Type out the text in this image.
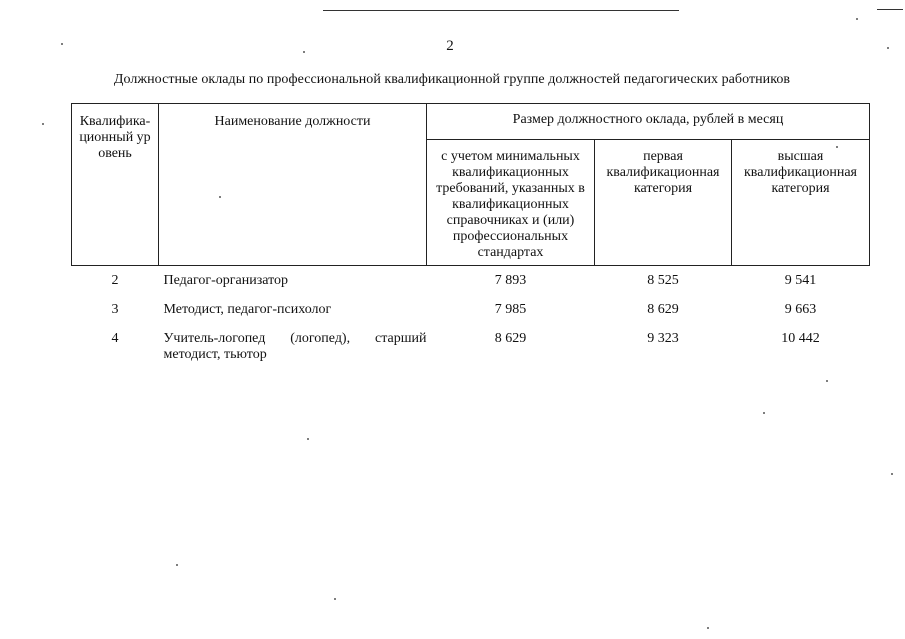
2
Должностные оклады по профессиональной квалификационной группе должностей педагогических работников
Квалифика-ционный уровень	Наименование должности	Размер должностного оклада, рублей в месяц		

		с учетом минимальных квалификационных требований, указанных в квалификационных справочниках и (или) профессиональных стандартах	первая квалификационная категория	высшая квалификационная категория

2	Педагог-организатор	7 893	8 525	9 541
3	Методист, педагог-психолог	7 985	8 629	9 663
4	Учитель-логопед (логопед), старший методист, тьютор	8 629	9 323	10 442
